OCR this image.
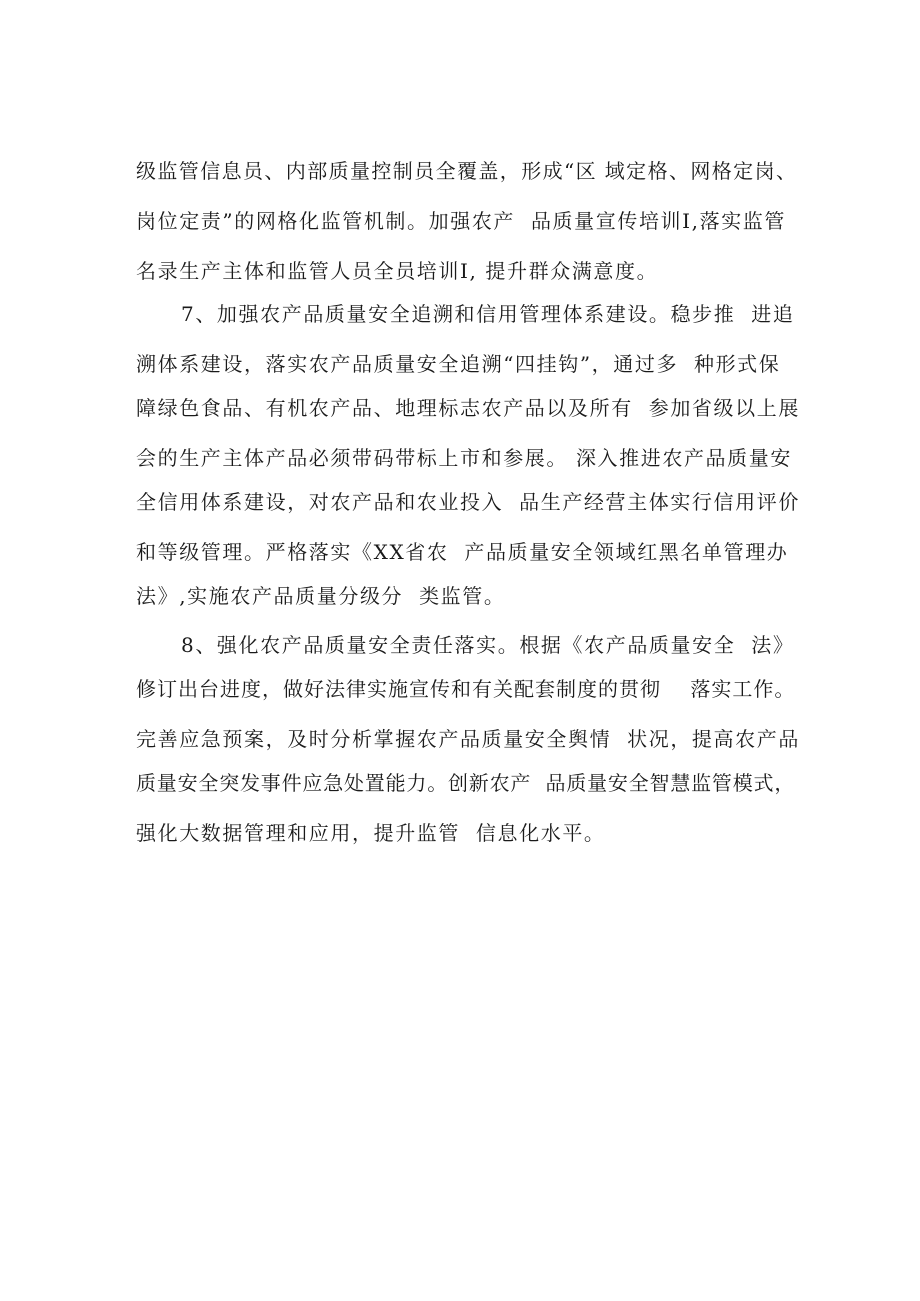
级监管信息员、内部质量控制员全覆盖，形成“区 域定格、网格定岗、
岗位定责”的网格化监管机制。加强农产  品质量宣传培训I,落实监管
名录生产主体和监管人员全员培训I, 提升群众满意度。
7、加强农产品质量安全追溯和信用管理体系建设。稳步推  进追
溯体系建设，落实农产品质量安全追溯“四挂钩”，通过多  种形式保
障绿色食品、有机农产品、地理标志农产品以及所有  参加省级以上展
会的生产主体产品必须带码带标上市和参展。 深入推进农产品质量安
全信用体系建设，对农产品和农业投入  品生产经营主体实行信用评价
和等级管理。严格落实《XX省农  产品质量安全领域红黑名单管理办
法》,实施农产品质量分级分  类监管。
8、强化农产品质量安全责任落实。根据《农产品质量安全  法》
修订出台进度，做好法律实施宣传和有关配套制度的贯彻    落实工作。
完善应急预案，及时分析掌握农产品质量安全舆情  状况，提高农产品
质量安全突发事件应急处置能力。创新农产  品质量安全智慧监管模式，
强化大数据管理和应用，提升监管  信息化水平。
